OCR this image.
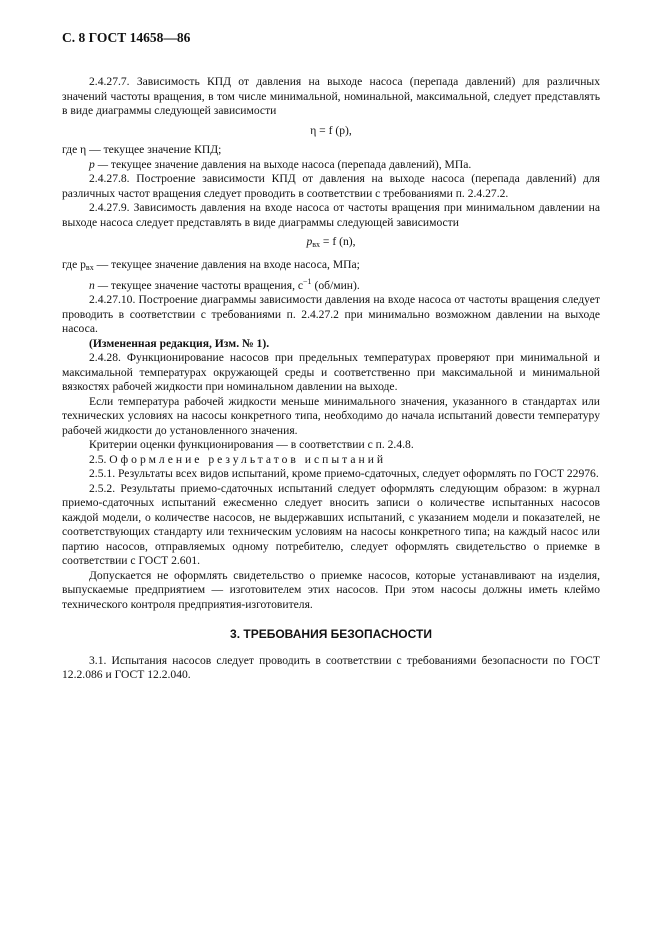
С. 8 ГОСТ 14658—86

2.4.27.7. Зависимость КПД от давления на выходе насоса (перепада давлений) для различных значений частоты вращения, в том числе минимальной, номинальной, максимальной, следует представлять в виде диаграммы следующей зависимости

η = f (p),
где η — текущее значение КПД;
p — текущее значение давления на выходе насоса (перепада давлений), МПа.

2.4.27.8. Построение зависимости КПД от давления на выходе насоса (перепада давлений) для различных частот вращения следует проводить в соответствии с требованиями п. 2.4.27.2.

2.4.27.9. Зависимость давления на входе насоса от частоты вращения при минимальном давлении на выходе насоса следует представлять в виде диаграммы следующей зависимости

$p_{вх} = f$ (n),
где $p_{вх}$ — текущее значение давления на входе насоса, МПа;
n — текущее значение частоты вращения, $с^{-1}$ (об/мин).

2.4.27.10. Построение диаграммы зависимости давления на входе насоса от частоты вращения следует проводить в соответствии с требованиями п. 2.4.27.2 при минимально возможном давлении на выходе насоса.

(Измененная редакция, Изм. № 1).

2.4.28. Функционирование насосов при предельных температурах проверяют при минимальной и максимальной температурах окружающей среды и соответственно при максимальной и минимальной вязкостях рабочей жидкости при номинальном давлении на выходе.

Если температура рабочей жидкости меньше минимального значения, указанного в стандартах или технических условиях на насосы конкретного типа, необходимо до начала испытаний довести температуру рабочей жидкости до установленного значения.

Критерии оценки функционирования — в соответствии с п. 2.4.8.

2.5. Оформление результатов испытаний

2.5.1. Результаты всех видов испытаний, кроме приемо-сдаточных, следует оформлять по ГОСТ 22976.

2.5.2. Результаты приемо-сдаточных испытаний следует оформлять следующим образом: в журнал приемо-сдаточных испытаний ежесменно следует вносить записи о количестве испытанных насосов каждой модели, о количестве насосов, не выдержавших испытаний, с указанием модели и показателей, не соответствующих стандарту или техническим условиям на насосы конкретного типа; на каждый насос или партию насосов, отправляемых одному потребителю, следует оформлять свидетельство о приемке в соответствии с ГОСТ 2.601.

Допускается не оформлять свидетельство о приемке насосов, которые устанавливают на изделия, выпускаемые предприятием — изготовителем этих насосов. При этом насосы должны иметь клеймо технического контроля предприятия-изготовителя.

3. ТРЕБОВАНИЯ БЕЗОПАСНОСТИ

3.1. Испытания насосов следует проводить в соответствии с требованиями безопасности по ГОСТ 12.2.086 и ГОСТ 12.2.040.
